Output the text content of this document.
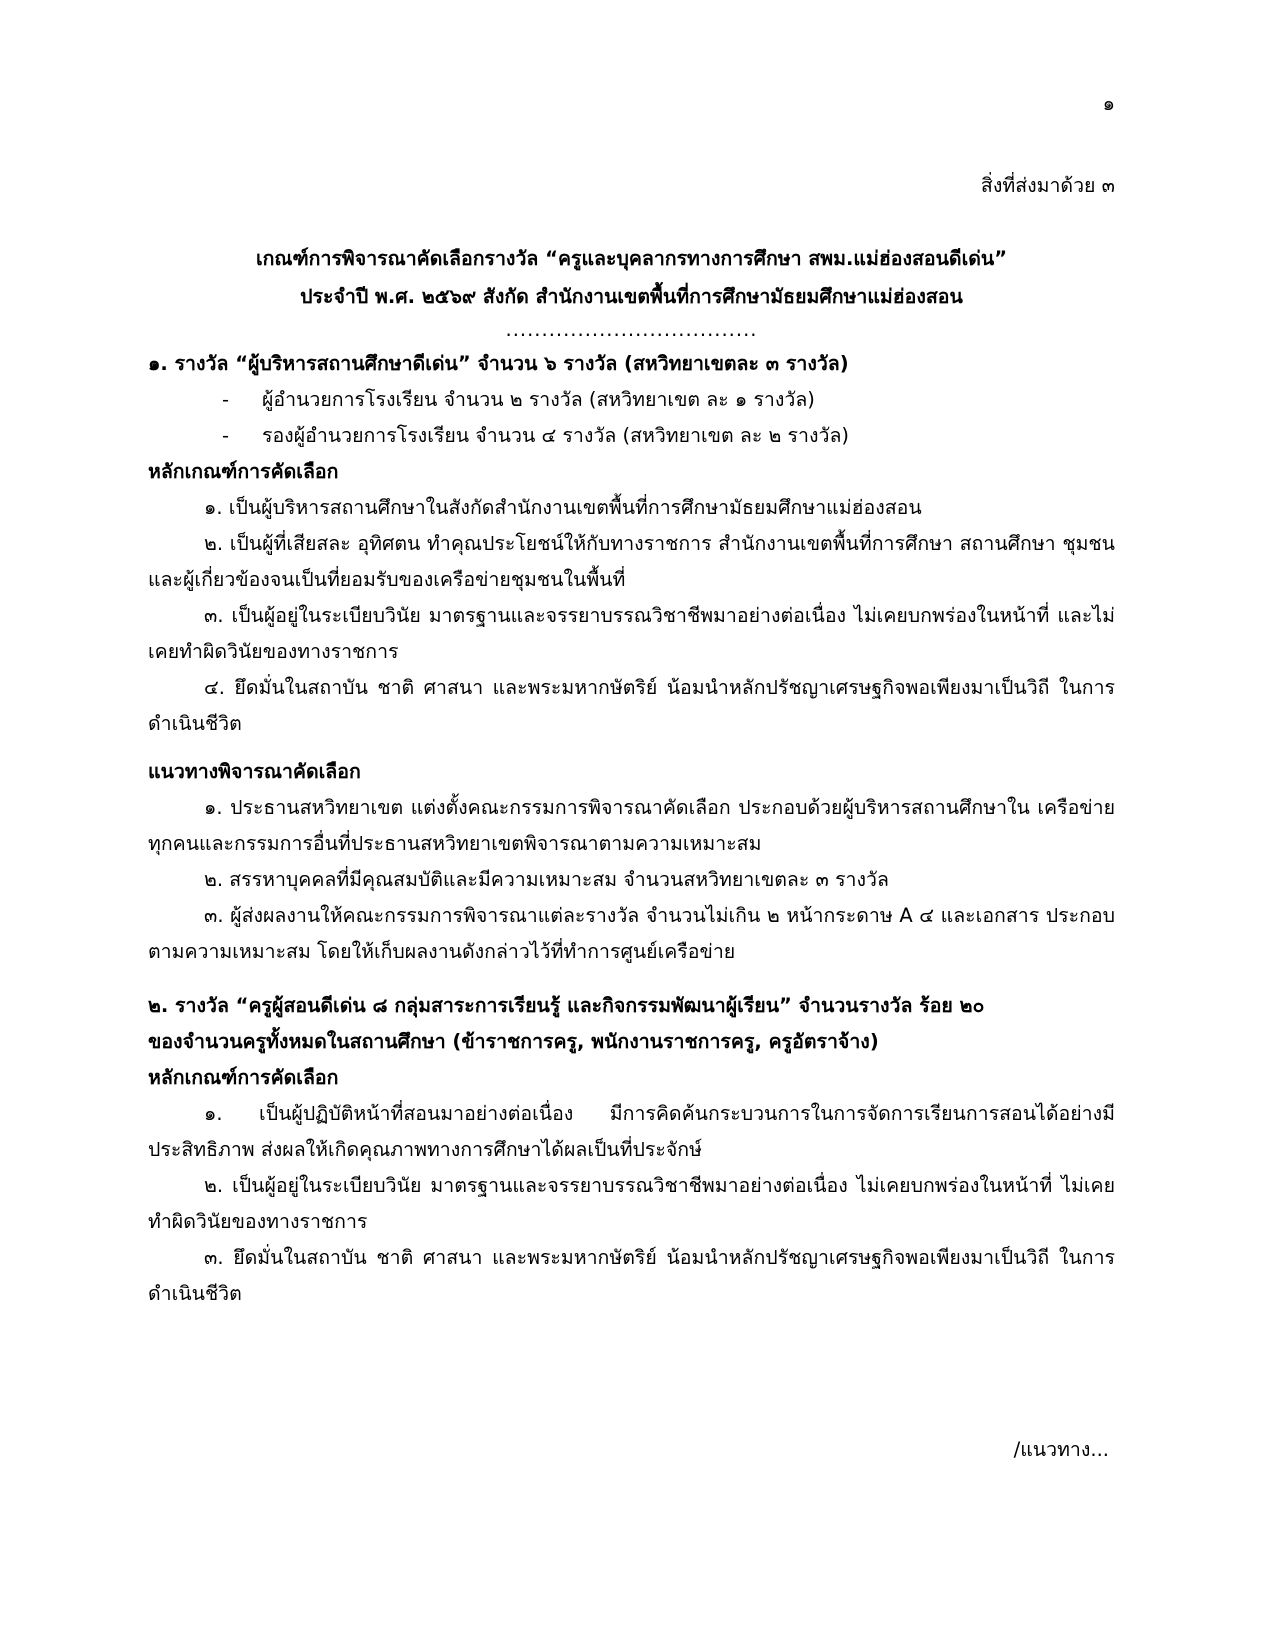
๑
สิ่งที่ส่งมาด้วย ๓
เกณฑ์การพิจารณาคัดเลือกรางวัล “ครูและบุคลากรทางการศึกษา สพม.แม่ฮ่องสอนดีเด่น”
ประจำปี พ.ศ. ๒๕๖๙ สังกัด สำนักงานเขตพื้นที่การศึกษามัธยมศึกษาแม่ฮ่องสอน
...................................
๑. รางวัล “ผู้บริหารสถานศึกษาดีเด่น” จำนวน ๖ รางวัล (สหวิทยาเขตละ ๓ รางวัล)
- ผู้อำนวยการโรงเรียน จำนวน ๒ รางวัล (สหวิทยาเขต ละ ๑ รางวัล)
- รองผู้อำนวยการโรงเรียน จำนวน ๔ รางวัล (สหวิทยาเขต ละ ๒ รางวัล)
หลักเกณฑ์การคัดเลือก
๑. เป็นผู้บริหารสถานศึกษาในสังกัดสำนักงานเขตพื้นที่การศึกษามัธยมศึกษาแม่ฮ่องสอน
๒. เป็นผู้ที่เสียสละ อุทิศตน ทำคุณประโยชน์ให้กับทางราชการ สำนักงานเขตพื้นที่การศึกษา สถานศึกษา ชุมชนและผู้เกี่ยวข้องจนเป็นที่ยอมรับของเครือข่ายชุมชนในพื้นที่
๓. เป็นผู้อยู่ในระเบียบวินัย มาตรฐานและจรรยาบรรณวิชาชีพมาอย่างต่อเนื่อง ไม่เคยบกพร่องในหน้าที่ และไม่เคยทำผิดวินัยของทางราชการ
๔. ยึดมั่นในสถาบัน ชาติ ศาสนา และพระมหากษัตริย์ น้อมนำหลักปรัชญาเศรษฐกิจพอเพียงมาเป็นวิถี ในการดำเนินชีวิต
แนวทางพิจารณาคัดเลือก
๑. ประธานสหวิทยาเขต แต่งตั้งคณะกรรมการพิจารณาคัดเลือก ประกอบด้วยผู้บริหารสถานศึกษาใน เครือข่ายทุกคนและกรรมการอื่นที่ประธานสหวิทยาเขตพิจารณาตามความเหมาะสม
๒. สรรหาบุคคลที่มีคุณสมบัติและมีความเหมาะสม จำนวนสหวิทยาเขตละ ๓ รางวัล
๓. ผู้ส่งผลงานให้คณะกรรมการพิจารณาแต่ละรางวัล จำนวนไม่เกิน ๒ หน้ากระดาษ A ๔ และเอกสาร ประกอบตามความเหมาะสม โดยให้เก็บผลงานดังกล่าวไว้ที่ทำการศูนย์เครือข่าย
๒. รางวัล “ครูผู้สอนดีเด่น ๘ กลุ่มสาระการเรียนรู้ และกิจกรรมพัฒนาผู้เรียน” จำนวนรางวัล ร้อย ๒๐
ของจำนวนครูทั้งหมดในสถานศึกษา (ข้าราชการครู, พนักงานราชการครู, ครูอัตราจ้าง)
หลักเกณฑ์การคัดเลือก
๑. เป็นผู้ปฏิบัติหน้าที่สอนมาอย่างต่อเนื่อง มีการคิดค้นกระบวนการในการจัดการเรียนการสอนได้อย่างมี ประสิทธิภาพ ส่งผลให้เกิดคุณภาพทางการศึกษาได้ผลเป็นที่ประจักษ์
๒. เป็นผู้อยู่ในระเบียบวินัย มาตรฐานและจรรยาบรรณวิชาชีพมาอย่างต่อเนื่อง ไม่เคยบกพร่องในหน้าที่ ไม่เคยทำผิดวินัยของทางราชการ
๓. ยึดมั่นในสถาบัน ชาติ ศาสนา และพระมหากษัตริย์ น้อมนำหลักปรัชญาเศรษฐกิจพอเพียงมาเป็นวิถี ในการดำเนินชีวิต
/แนวทาง...
